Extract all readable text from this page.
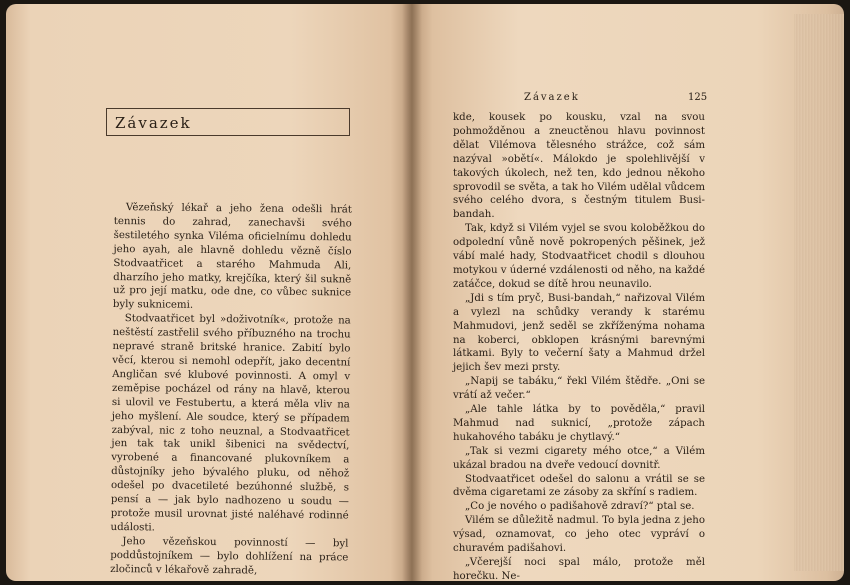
Závazek

Vězeňský lékař a jeho žena odešli hrát tennis do zahrad, zanechavši svého šestiletého synka Viléma oficielnímu dohledu jeho ayah, ale hlavně dohledu vězně číslo Stodvaatřicet a starého Mahmuda Ali, dharzího jeho matky, krejčíka, který šil sukně už pro její matku, ode dne, co vůbec suknice byly suknicemi.

Stodvaatřicet byl »doživotník«, protože na neštěstí zastřelil svého příbuzného na trochu nepravé straně britské hranice. Zabití bylo věcí, kterou si nemohl odepřít, jako decentní Angličan své klubové povinnosti. A omyl v zeměpise pocházel od rány na hlavě, kterou si ulovil ve Festubertu, a která měla vliv na jeho myšlení. Ale soudce, který se případem zabýval, nic z toho neuznal, a Stodvaatřicet jen tak tak unikl šibenici na svědectví, vyrobené a financované plukovníkem a důstojníky jeho bývalého pluku, od něhož odešel po dvacetileté bezúhonné službě, s pensí a — jak bylo nadhozeno u soudu — protože musil urovnat jisté naléhavé rodinné události.

Jeho vězeňskou povinností — byl poddůstojníkem — bylo dohlížení na práce zločinců v lékařově zahradě,

Závazek	125

kde, kousek po kousku, vzal na svou pohmožděnou a zneuctěnou hlavu povinnost dělat Vilémova tělesného strážce, což sám nazýval »obětí«. Málokdo je spolehlivější v takových úkolech, než ten, kdo jednou někoho sprovodil se světa, a tak ho Vilém udělal vůdcem svého celého dvora, s čestným titulem Busi-bandah.

Tak, když si Vilém vyjel se svou koloběžkou do odpolední vůně nově pokropených pěšinek, jež vábí malé hady, Stodvaatřicet chodil s dlouhou motykou v úderné vzdálenosti od něho, na každé zatáčce, dokud se dítě hrou neunavilo.

„Jdi s tím pryč, Busi-bandah,“ nařizoval Vilém a vylezl na schůdky verandy k starému Mahmudovi, jenž seděl se zkříženýma nohama na koberci, obklopen krásnými barevnými látkami. Byly to večerní šaty a Mahmud držel jejich šev mezi prsty.

„Napij se tabáku,“ řekl Vilém štědře. „Oni se vrátí až večer.“

„Ale tahle látka by to pověděla,“ pravil Mahmud nad suknicí, „protože zápach hukahového tabáku je chytlavý.“

„Tak si vezmi cigarety mého otce,“ a Vilém ukázal bradou na dveře vedoucí dovnitř.

Stodvaatřicet odešel do salonu a vrátil se se dvěma cigaretami ze zásoby za skříní s radiem.

„Co je nového o padišahově zdraví?“ ptal se.

Vilém se důležitě nadmul. To byla jedna z jeho výsad, oznamovat, co jeho otec vypráví o churavém padišahovi.

„Včerejší noci spal málo, protože měl horečku. Ne-
